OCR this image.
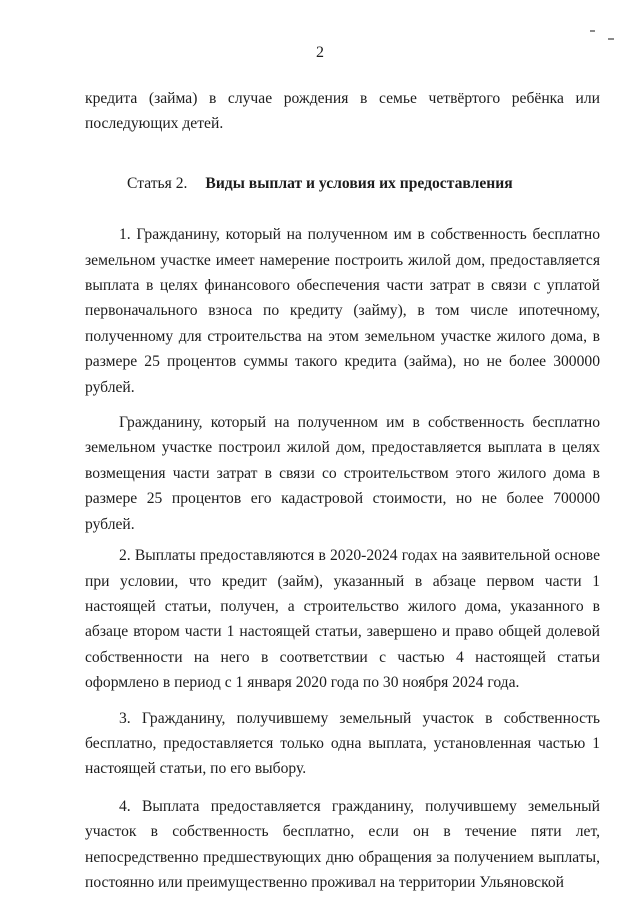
2

кредита (займа) в случае рождения в семье четвёртого ребёнка или последующих детей.

Статья 2. Виды выплат и условия их предоставления

1. Гражданину, который на полученном им в собственность бесплатно земельном участке имеет намерение построить жилой дом, предоставляется выплата в целях финансового обеспечения части затрат в связи с уплатой первоначального взноса по кредиту (займу), в том числе ипотечному, полученному для строительства на этом земельном участке жилого дома, в размере 25 процентов суммы такого кредита (займа), но не более 300000 рублей.

Гражданину, который на полученном им в собственность бесплатно земельном участке построил жилой дом, предоставляется выплата в целях возмещения части затрат в связи со строительством этого жилого дома в размере 25 процентов его кадастровой стоимости, но не более 700000 рублей.

2. Выплаты предоставляются в 2020-2024 годах на заявительной основе при условии, что кредит (займ), указанный в абзаце первом части 1 настоящей статьи, получен, а строительство жилого дома, указанного в абзаце втором части 1 настоящей статьи, завершено и право общей долевой собственности на него в соответствии с частью 4 настоящей статьи оформлено в период с 1 января 2020 года по 30 ноября 2024 года.

3. Гражданину, получившему земельный участок в собственность бесплатно, предоставляется только одна выплата, установленная частью 1 настоящей статьи, по его выбору.

4. Выплата предоставляется гражданину, получившему земельный участок в собственность бесплатно, если он в течение пяти лет, непосредственно предшествующих дню обращения за получением выплаты, постоянно или преимущественно проживал на территории Ульяновской
